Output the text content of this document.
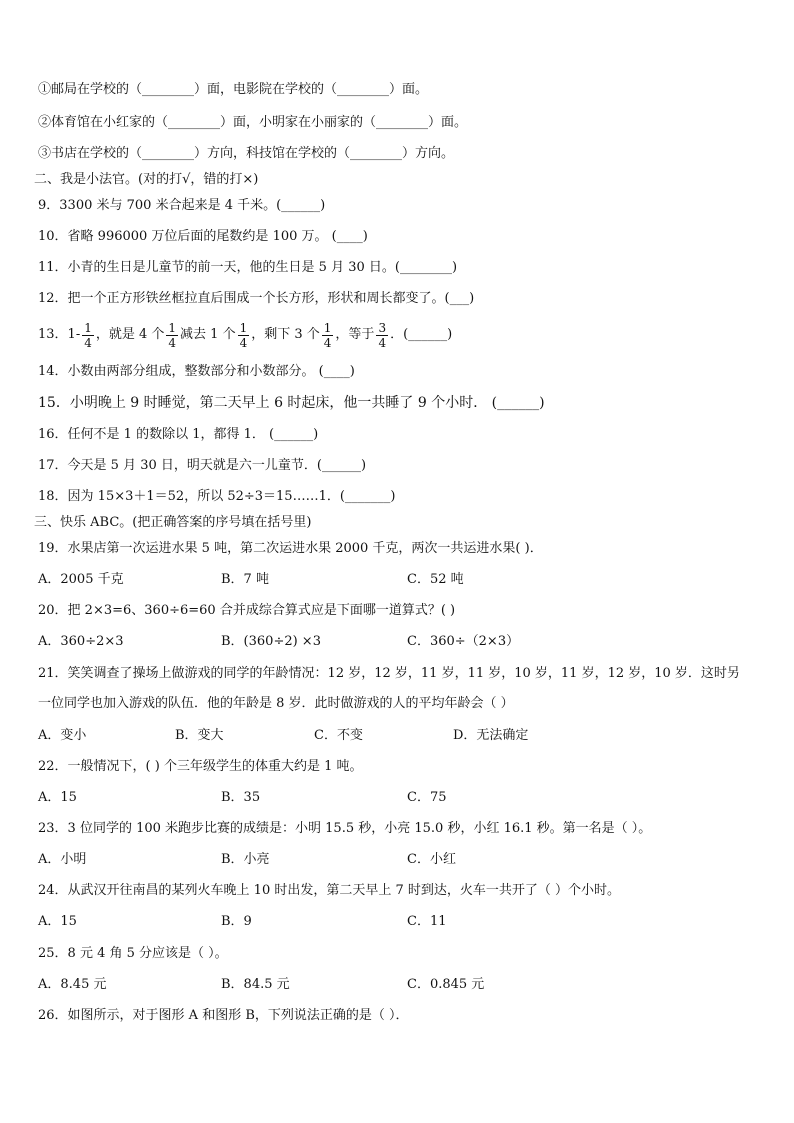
①邮局在学校的（________）面，电影院在学校的（________）面。
②体育馆在小红家的（________）面，小明家在小丽家的（________）面。
③书店在学校的（________）方向，科技馆在学校的（________）方向。
二、我是小法官。(对的打√，错的打×)
9．3300 米与 700 米合起来是 4 千米。(______)
10．省略 996000 万位后面的尾数约是 100 万。 (____)
11．小青的生日是儿童节的前一天，他的生日是 5 月 30 日。(________)
12．把一个正方形铁丝框拉直后围成一个长方形，形状和周长都变了。(___)
13．$1- \frac{1}{4}$ ，就是 4 个 $\frac{1}{4}$ 减去 1 个 $\frac{1}{4}$ ，剩下 3 个 $\frac{1}{4}$ ，等于 $\frac{3}{4}$ ．(______)
14．小数由两部分组成，整数部分和小数部分。 (____)
15．小明晚上 9 时睡觉，第二天早上 6 时起床，他一共睡了 9 个小时． (______)
16．任何不是 1 的数除以 1，都得 1． (______)
17．今天是 5 月 30 日，明天就是六一儿童节．(______)
18．因为 15×3＋1＝52，所以 52÷3＝15……1．(_______)
三、快乐 ABC。(把正确答案的序号填在括号里)
19．水果店第一次运进水果 5 吨，第二次运进水果 2000 千克，两次一共运进水果( )．
A．2005 千克	B．7 吨	C．52 吨
20．把 2×3=6、360÷6=60 合并成综合算式应是下面哪一道算式？( )
A．360÷2×3	B．(360÷2) ×3	C．360÷（2×3）
21．笑笑调查了操场上做游戏的同学的年龄情况：12 岁，12 岁，11 岁，11 岁，10 岁，11 岁，12 岁，10 岁．这时另
一位同学也加入游戏的队伍．他的年龄是 8 岁．此时做游戏的人的平均年龄会（ ）
A．变小	B．变大	C．不变	D．无法确定
22．一般情况下，( ) 个三年级学生的体重大约是 1 吨。
A．15	B．35	C．75
23．3 位同学的 100 米跑步比赛的成绩是：小明 15.5 秒，小亮 15.0 秒，小红 16.1 秒。第一名是（ ）。
A．小明	B．小亮	C．小红
24．从武汉开往南昌的某列火车晚上 10 时出发，第二天早上 7 时到达，火车一共开了（ ）个小时。
A．15	B．9	C．11
25．8 元 4 角 5 分应该是（ ）。
A．8.45 元	B．84.5 元	C．0.845 元
26．如图所示，对于图形 A 和图形 B，下列说法正确的是（ ）．
